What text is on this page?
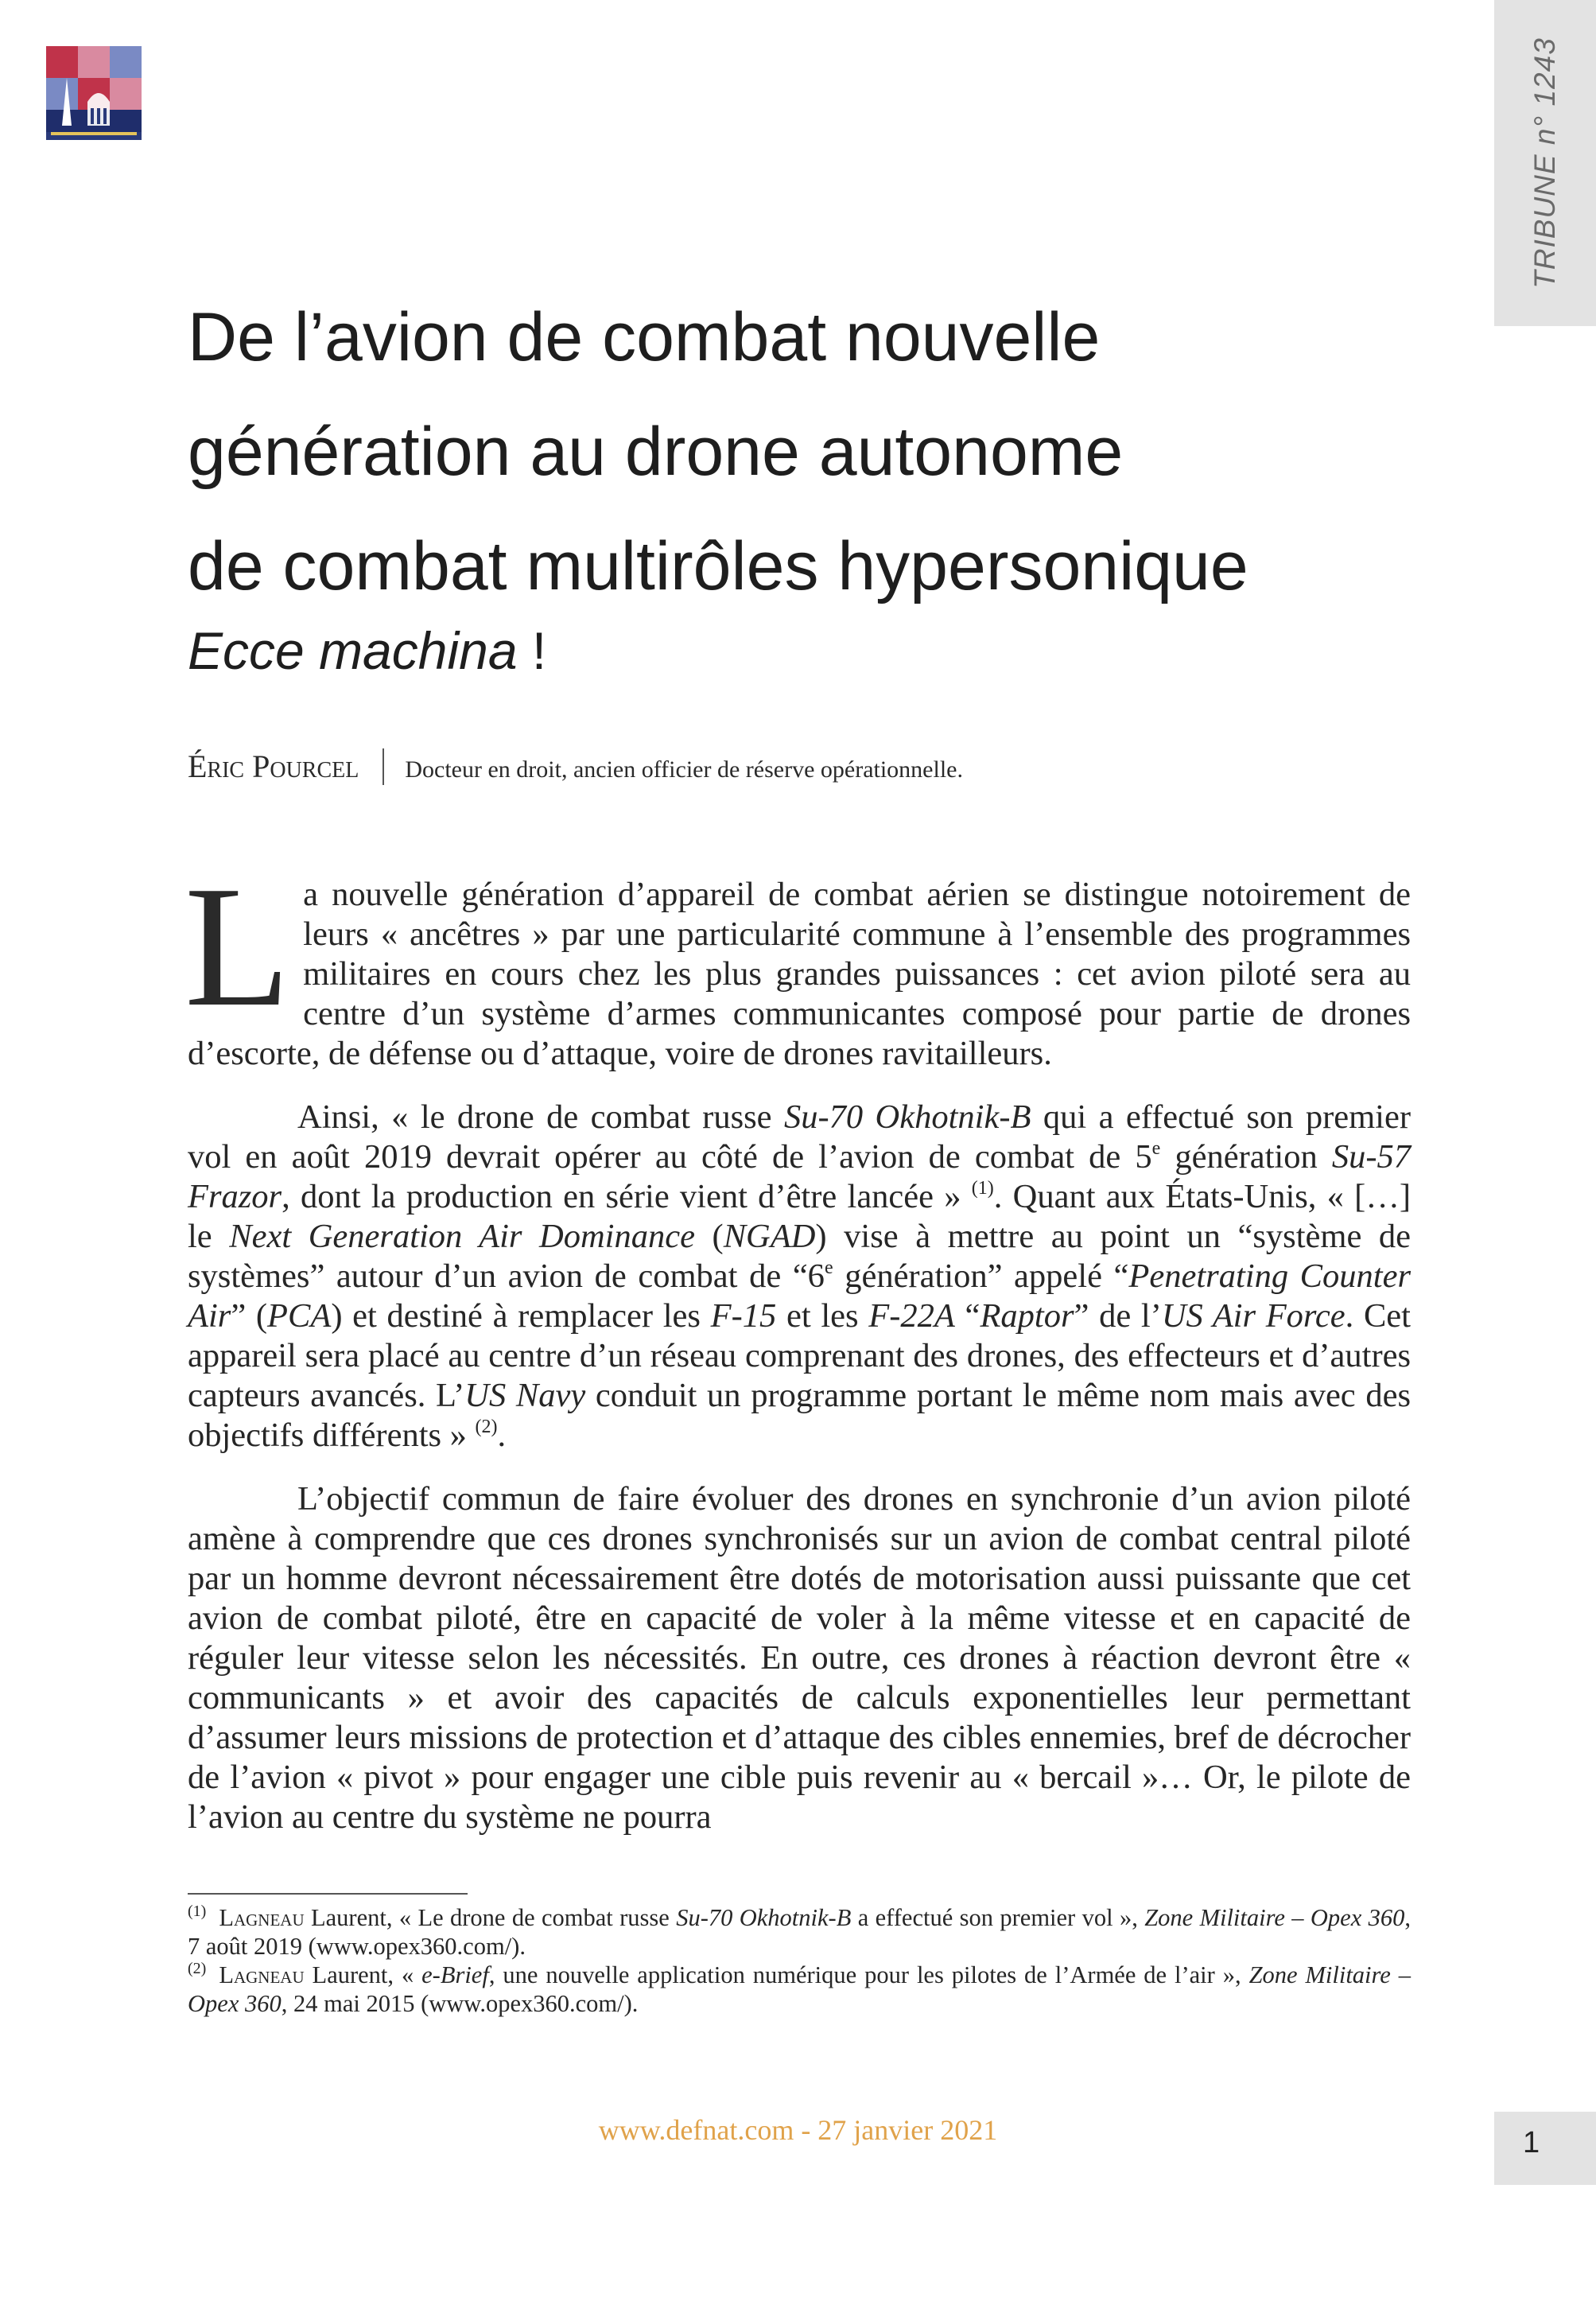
TRIBUNE n° 1243
De l’avion de combat nouvelle
génération au drone autonome
de combat multirôles hypersonique
Ecce machina !
Éric Pourcel Docteur en droit, ancien officier de réserve opérationnelle.

La nouvelle génération d’appareil de combat aérien se distingue notoirement de leurs « ancêtres » par une particularité commune à l’ensemble des programmes militaires en cours chez les plus grandes puissances : cet avion piloté sera au centre d’un système d’armes communicantes composé pour partie de drones d’escorte, de défense ou d’attaque, voire de drones ravitailleurs.

Ainsi, « le drone de combat russe Su-70 Okhotnik-B qui a effectué son premier vol en août 2019 devrait opérer au côté de l’avion de combat de 5e génération Su-57 Frazor, dont la production en série vient d’être lancée » $^{(1)}$. Quant aux États-Unis, « […] le Next Generation Air Dominance (NGAD) vise à mettre au point un “système de systèmes” autour d’un avion de combat de “6e génération” appelé “Penetrating Counter Air” (PCA) et destiné à remplacer les F-15 et les F-22A “Raptor” de l’US Air Force. Cet appareil sera placé au centre d’un réseau comprenant des drones, des effecteurs et d’autres capteurs avancés. L’US Navy conduit un programme portant le même nom mais avec des objectifs différents » $^{(2)}$.

L’objectif commun de faire évoluer des drones en synchronie d’un avion piloté amène à comprendre que ces drones synchronisés sur un avion de combat central piloté par un homme devront nécessairement être dotés de motorisation aussi puissante que cet avion de combat piloté, être en capacité de voler à la même vitesse et en capacité de réguler leur vitesse selon les nécessités. En outre, ces drones à réaction devront être « communicants » et avoir des capacités de calculs exponentielles leur permettant d’assumer leurs missions de protection et d’attaque des cibles ennemies, bref de décrocher de l’avion « pivot » pour engager une cible puis revenir au « bercail »… Or, le pilote de l’avion au centre du système ne pourra

$^{(1)}$ Lagneau Laurent, « Le drone de combat russe Su-70 Okhotnik-B a effectué son premier vol », Zone Militaire – Opex 360, 7 août 2019 (www.opex360.com/).

$^{(2)}$ Lagneau Laurent, « e-Brief, une nouvelle application numérique pour les pilotes de l’Armée de l’air », Zone Militaire – Opex 360, 24 mai 2015 (www.opex360.com/).

www.defnat.com - 27 janvier 2021	1
